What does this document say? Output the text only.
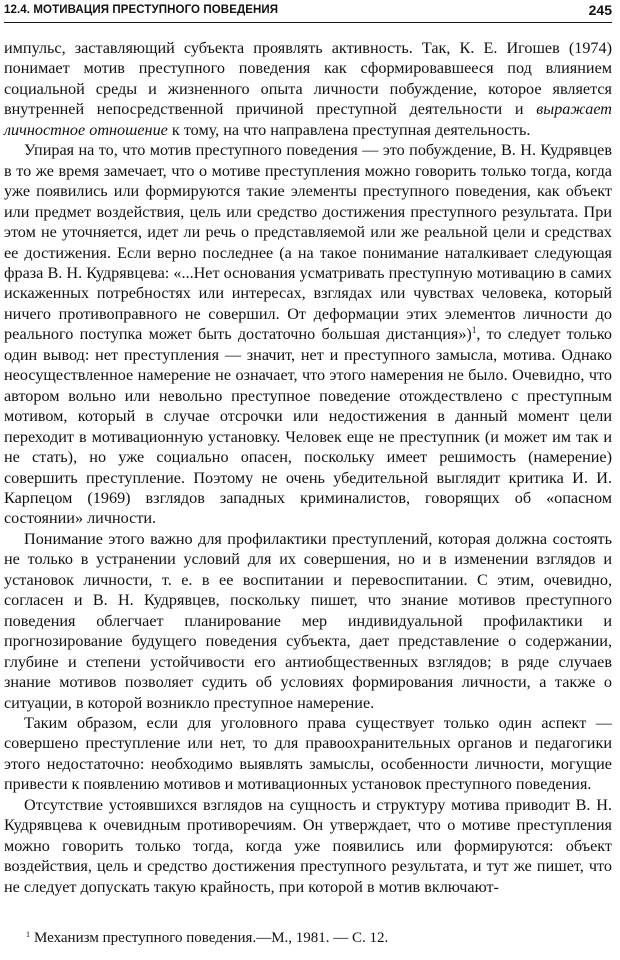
12.4. МОТИВАЦИЯ ПРЕСТУПНОГО ПОВЕДЕНИЯ	245

импульс, заставляющий субъекта проявлять активность. Так, К. Е. Игошев (1974) понимает мотив преступного поведения как сформировавшееся под влиянием социальной среды и жизненного опыта личности побуждение, которое является внутренней непосредственной причиной преступной деятельности и выражает личностное отношение к тому, на что направлена преступная деятельность.

Упирая на то, что мотив преступного поведения — это побуждение, В. Н. Кудрявцев в то же время замечает, что о мотиве преступления можно говорить только тогда, когда уже появились или формируются такие элементы преступного поведения, как объект или предмет воздействия, цель или средство достижения преступного результата. При этом не уточняется, идет ли речь о представляемой или же реальной цели и средствах ее достижения. Если верно последнее (а на такое понимание наталкивает следующая фраза В. Н. Кудрявцева: «...Нет основания усматривать преступную мотивацию в самих искаженных потребностях или интересах, взглядах или чувствах человека, который ничего противоправного не совершил. От деформации этих элементов личности до реального поступка может быть достаточно большая дистанция»)$^1$, то следует только один вывод: нет преступления — значит, нет и преступного замысла, мотива. Однако неосуществленное намерение не означает, что этого намерения не было. Очевидно, что автором вольно или невольно преступное поведение отождествлено с преступным мотивом, который в случае отсрочки или недостижения в данный момент цели переходит в мотивационную установку. Человек еще не преступник (и может им так и не стать), но уже социально опасен, поскольку имеет решимость (намерение) совершить преступление. Поэтому не очень убедительной выглядит критика И. И. Карпецом (1969) взглядов западных криминалистов, говорящих об «опасном состоянии» личности.

Понимание этого важно для профилактики преступлений, которая должна состоять не только в устранении условий для их совершения, но и в изменении взглядов и установок личности, т. е. в ее воспитании и перевоспитании. С этим, очевидно, согласен и В. Н. Кудрявцев, поскольку пишет, что знание мотивов преступного поведения облегчает планирование мер индивидуальной профилактики и прогнозирование будущего поведения субъекта, дает представление о содержании, глубине и степени устойчивости его антиобщественных взглядов; в ряде случаев знание мотивов позволяет судить об условиях формирования личности, а также о ситуации, в которой возникло преступное намерение.

Таким образом, если для уголовного права существует только один аспект — совершено преступление или нет, то для правоохранительных органов и педагогики этого недостаточно: необходимо выявлять замыслы, особенности личности, могущие привести к появлению мотивов и мотивационных установок преступного поведения.

Отсутствие устоявшихся взглядов на сущность и структуру мотива приводит В. Н. Кудрявцева к очевидным противоречиям. Он утверждает, что о мотиве преступления можно говорить только тогда, когда уже появились или формируются: объект воздействия, цель и средство достижения преступного результата, и тут же пишет, что не следует допускать такую крайность, при которой в мотив включают-

$^1$ Механизм преступного поведения.—М., 1981. — С. 12.
